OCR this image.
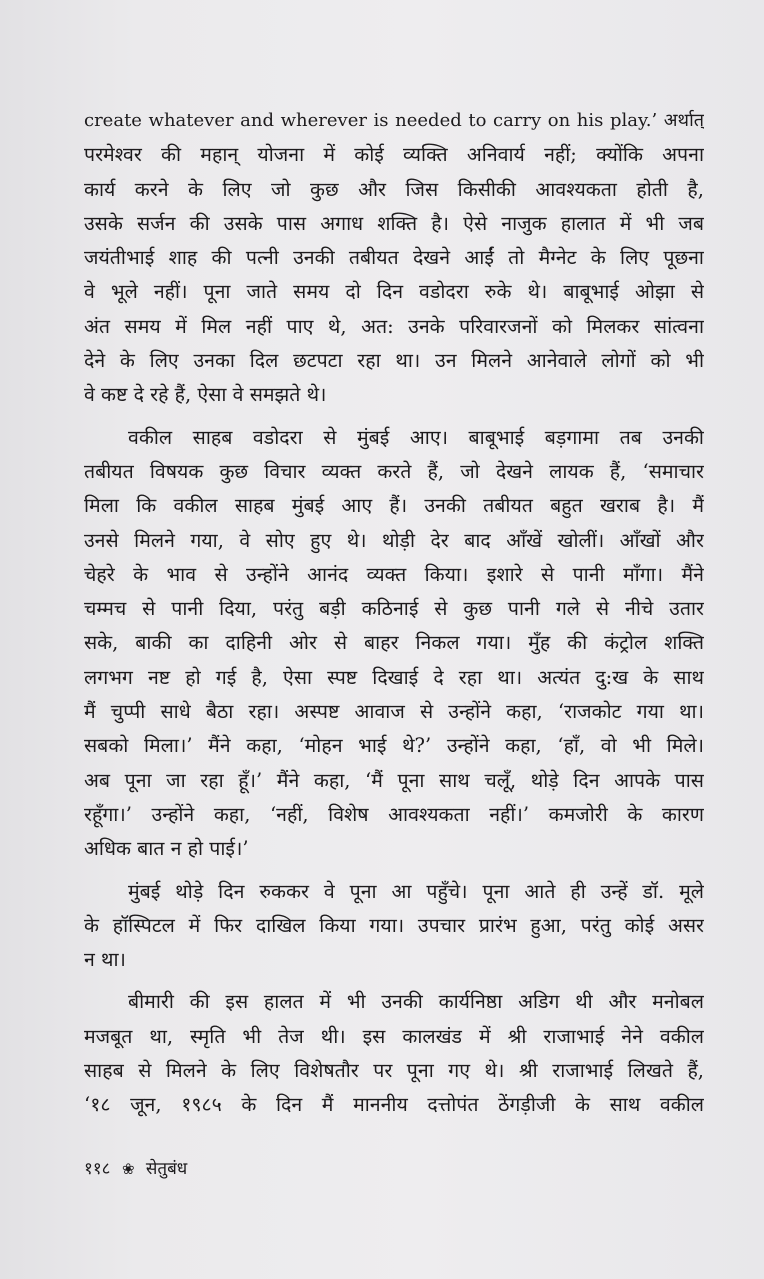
create whatever and wherever is needed to carry on his play.’ अर्थात्
परमेश्वर की महान् योजना में कोई व्यक्ति अनिवार्य नहीं; क्योंकि अपना
कार्य करने के लिए जो कुछ और जिस किसीकी आवश्यकता होती है,
उसके सर्जन की उसके पास अगाध शक्ति है। ऐसे नाजुक हालात में भी जब
जयंतीभाई शाह की पत्नी उनकी तबीयत देखने आईं तो मैग्नेट के लिए पूछना
वे भूले नहीं। पूना जाते समय दो दिन वडोदरा रुके थे। बाबूभाई ओझा से
अंत समय में मिल नहीं पाए थे, अत: उनके परिवारजनों को मिलकर सांत्वना
देने के लिए उनका दिल छटपटा रहा था। उन मिलने आनेवाले लोगों को भी
वे कष्ट दे रहे हैं, ऐसा वे समझते थे।
वकील साहब वडोदरा से मुंबई आए। बाबूभाई बड़गामा तब उनकी
तबीयत विषयक कुछ विचार व्यक्त करते हैं, जो देखने लायक हैं, ‘समाचार
मिला कि वकील साहब मुंबई आए हैं। उनकी तबीयत बहुत खराब है। मैं
उनसे मिलने गया, वे सोए हुए थे। थोड़ी देर बाद आँखें खोलीं। आँखों और
चेहरे के भाव से उन्होंने आनंद व्यक्त किया। इशारे से पानी माँगा। मैंने
चम्मच से पानी दिया, परंतु बड़ी कठिनाई से कुछ पानी गले से नीचे उतार
सके, बाकी का दाहिनी ओर से बाहर निकल गया। मुँह की कंट्रोल शक्ति
लगभग नष्ट हो गई है, ऐसा स्पष्ट दिखाई दे रहा था। अत्यंत दु:ख के साथ
मैं चुप्पी साधे बैठा रहा। अस्पष्ट आवाज से उन्होंने कहा, ‘राजकोट गया था।
सबको मिला।’ मैंने कहा, ‘मोहन भाई थे?’ उन्होंने कहा, ‘हाँ, वो भी मिले।
अब पूना जा रहा हूँ।’ मैंने कहा, ‘मैं पूना साथ चलूँ, थोड़े दिन आपके पास
रहूँगा।’ उन्होंने कहा, ‘नहीं, विशेष आवश्यकता नहीं।’ कमजोरी के कारण
अधिक बात न हो पाई।’
मुंबई थोड़े दिन रुककर वे पूना आ पहुँचे। पूना आते ही उन्हें डॉ. मूले
के हॉस्पिटल में फिर दाखिल किया गया। उपचार प्रारंभ हुआ, परंतु कोई असर
न था।
बीमारी की इस हालत में भी उनकी कार्यनिष्ठा अडिग थी और मनोबल
मजबूत था, स्मृति भी तेज थी। इस कालखंड में श्री राजाभाई नेने वकील
साहब से मिलने के लिए विशेषतौर पर पूना गए थे। श्री राजाभाई लिखते हैं,
‘१८ जून, १९८५ के दिन मैं माननीय दत्तोपंत ठेंगड़ीजी के साथ वकील
११८ ❀ सेतुबंध
